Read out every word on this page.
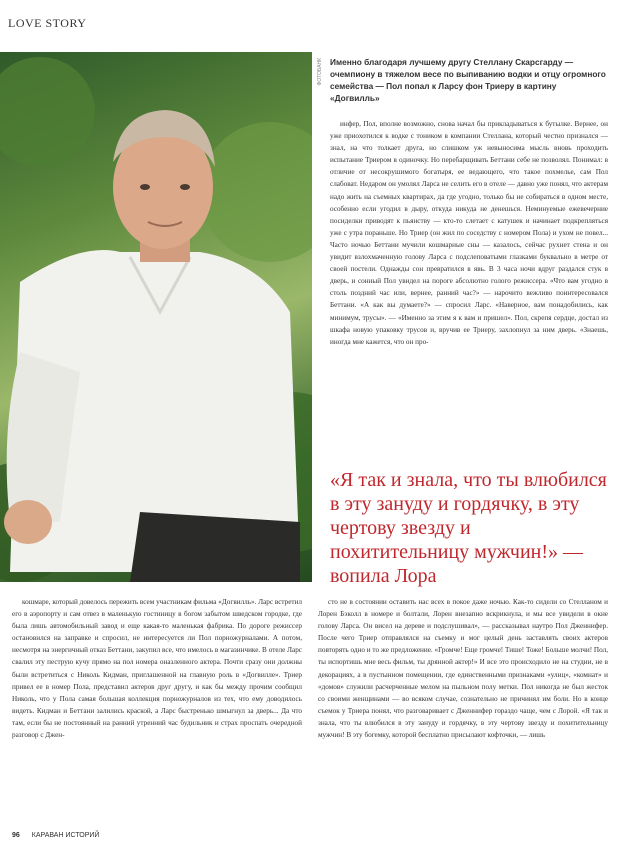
LOVE STORY
ФОТОБАНК Именно благодаря лучшему другу Стеллану Скарсгарду — очемпиону в тяжелом весе по выпиванию водки и отцу огромного семейства — Пол попал к Ларсу фон Триеру в картину «Догвилль»

инфер, Пол, вполне возможно, снова начал бы прикладываться к бутылке. Вернее, он уже приохотился к водке с тоником в компании Стеллана, который честно признался — знал, на что толкает друга, но слишком уж невыносима мысль вновь проходить испытание Триером в одиночку. Но перебарщивать Беттани себе не позволял. Понимал: в отличие от несокрушимого богатыря, ее ведающего, что такое похмелье, сам Пол слабоват. Недаром он умолял Ларса не селить его в отеле — давно уже понял, что актерам надо жить на съемных квартирах, да где угодно, только бы не собираться в одном месте, особенно если угодил в дыру, откуда никуда не денешься. Неминуемые ежевечерние посиделки приводят к пьянству — кто-то слетает с катушек и начинает подкрепляться уже с утра пораньше. Но Триер (он жил по соседству с номером Пола) и ухом не повел... Часто ночью Беттани мучили кошмарные сны — казалось, сейчас рухнет стена и он увидит взлохмаченную голову Ларса с подслеповатыми глазками буквально в метре от своей постели. Однажды сон превратился в явь. В 3 часа ночи вдруг раздался стук в дверь, и сонный Пол увидел на пороге абсолютно голого режиссера. «Что вам угодно в столь поздний час или, вернее, ранний час?» — нарочито вежливо поинтересовался Беттани. «А как вы думаете?» — спросил Ларс. «Наверное, вам понадобились, как минимум, трусы». — «Именно за этим я к вам и пришел». Пол, скрепя сердце, достал из шкафа новую упаковку трусов и, вручив ее Триеру, захлопнул за ним дверь. «Знаешь, иногда мне кажется, что он про-

«Я так и знала, что ты влюбился в эту зануду и гордячку, в эту чертову звезду и похитительницу мужчин!» — вопила Лора

кошмаре, который довелось пережить всем участникам фильма «Догвилль». Ларс встретил его в аэропорту и сам отвез в маленькую гостиницу в богом забытом шведском городке, где была лишь автомобильный завод и еще какая-то маленькая фабрика. По дороге режиссер остановился на заправке и спросил, не интересуется ли Пол порножурналами. А потом, несмотря на энергичный отказ Беттани, закупил все, что имелось в магазинчике. В отеле Ларс свалил эту пеструю кучу прямо на пол номера оназленного актера. Почти сразу они должны были встретиться с Николь Кидман, приглашенной на главную роль в «Догвилле». Триер привел ее в номер Пола, представил актеров друг другу, и как бы между прочим сообщил Николь, что у Пола самая большая коллекция порножурналов из тех, что ему доводилось видеть. Кидман и Беттани залились краской, а Ларс быстренько шмыгнул за дверь... Да что там, если бы не постоянный на ранний утренний час будильник и страх проспать очередной разговор с Джен-

сто не в состоянии оставить нас всех в покое даже ночью. Как-то сидели со Стелланом и Лорен Бэколл в номере и болтали, Лорен внезапно вскрикнула, и мы все увидели в окне голову Ларса. Он висел на дереве и подслушивал», — рассказывал наутро Пол Дженнифер. После чего Триер отправлялся на съемку и мог целый день заставлять своих актеров повторять одно и то же предложение. «Громче! Еще громче! Тише! Тоже! Больше молчи! Пол, ты испортишь мне весь фильм, ты дрянной актер!» И все это происходило не на студии, не в декорациях, а в пустынном помещении, где единственными признаками «улиц», «комнат» и «домов» служили расчерченные мелом на пыльном полу метки. Пол никогда не был жесток со своими женщинами — во всяком случае, сознательно не причинял им боли. Но в конце съемок у Триера понял, что разговаривает с Дженнифер гораздо чаще, чем с Лорой. «Я так и знала, что ты влюбился в эту зануду и гордячку, в эту чертову звезду и похитительницу мужчин! В эту богемку, которой бесплатно присылают кофточки, — лишь

96 КАРАВАН ИСТОРИЙ
